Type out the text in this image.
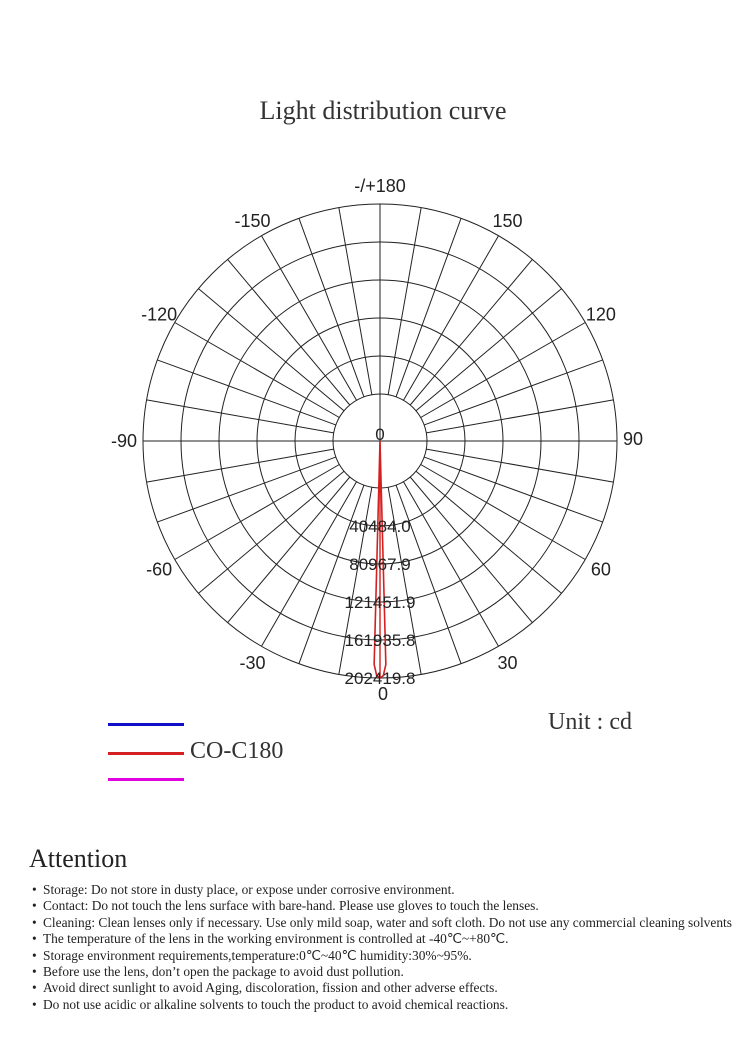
Light distribution curve
-/+180
150
-150
120
-120
90
-90
60
-60
30
-30
0
0
40484.0
80967.9
121451.9
161935.8
202419.8
CO-C180
Unit : cd
Attention
• Storage: Do not store in dusty place, or expose under corrosive environment.
• Contact: Do not touch the lens surface with bare-hand. Please use gloves to touch the lenses.
• Cleaning: Clean lenses only if necessary. Use only mild soap, water and soft cloth. Do not use any commercial cleaning solvents
• The temperature of the lens in the working environment is controlled at -40℃~+80℃.
• Storage environment requirements,temperature:0℃~40℃ humidity:30%~95%.
• Before use the lens, don’t open the package to avoid dust pollution.
• Avoid direct sunlight to avoid Aging, discoloration, fission and other adverse effects.
• Do not use acidic or alkaline solvents to touch the product to avoid chemical reactions.
